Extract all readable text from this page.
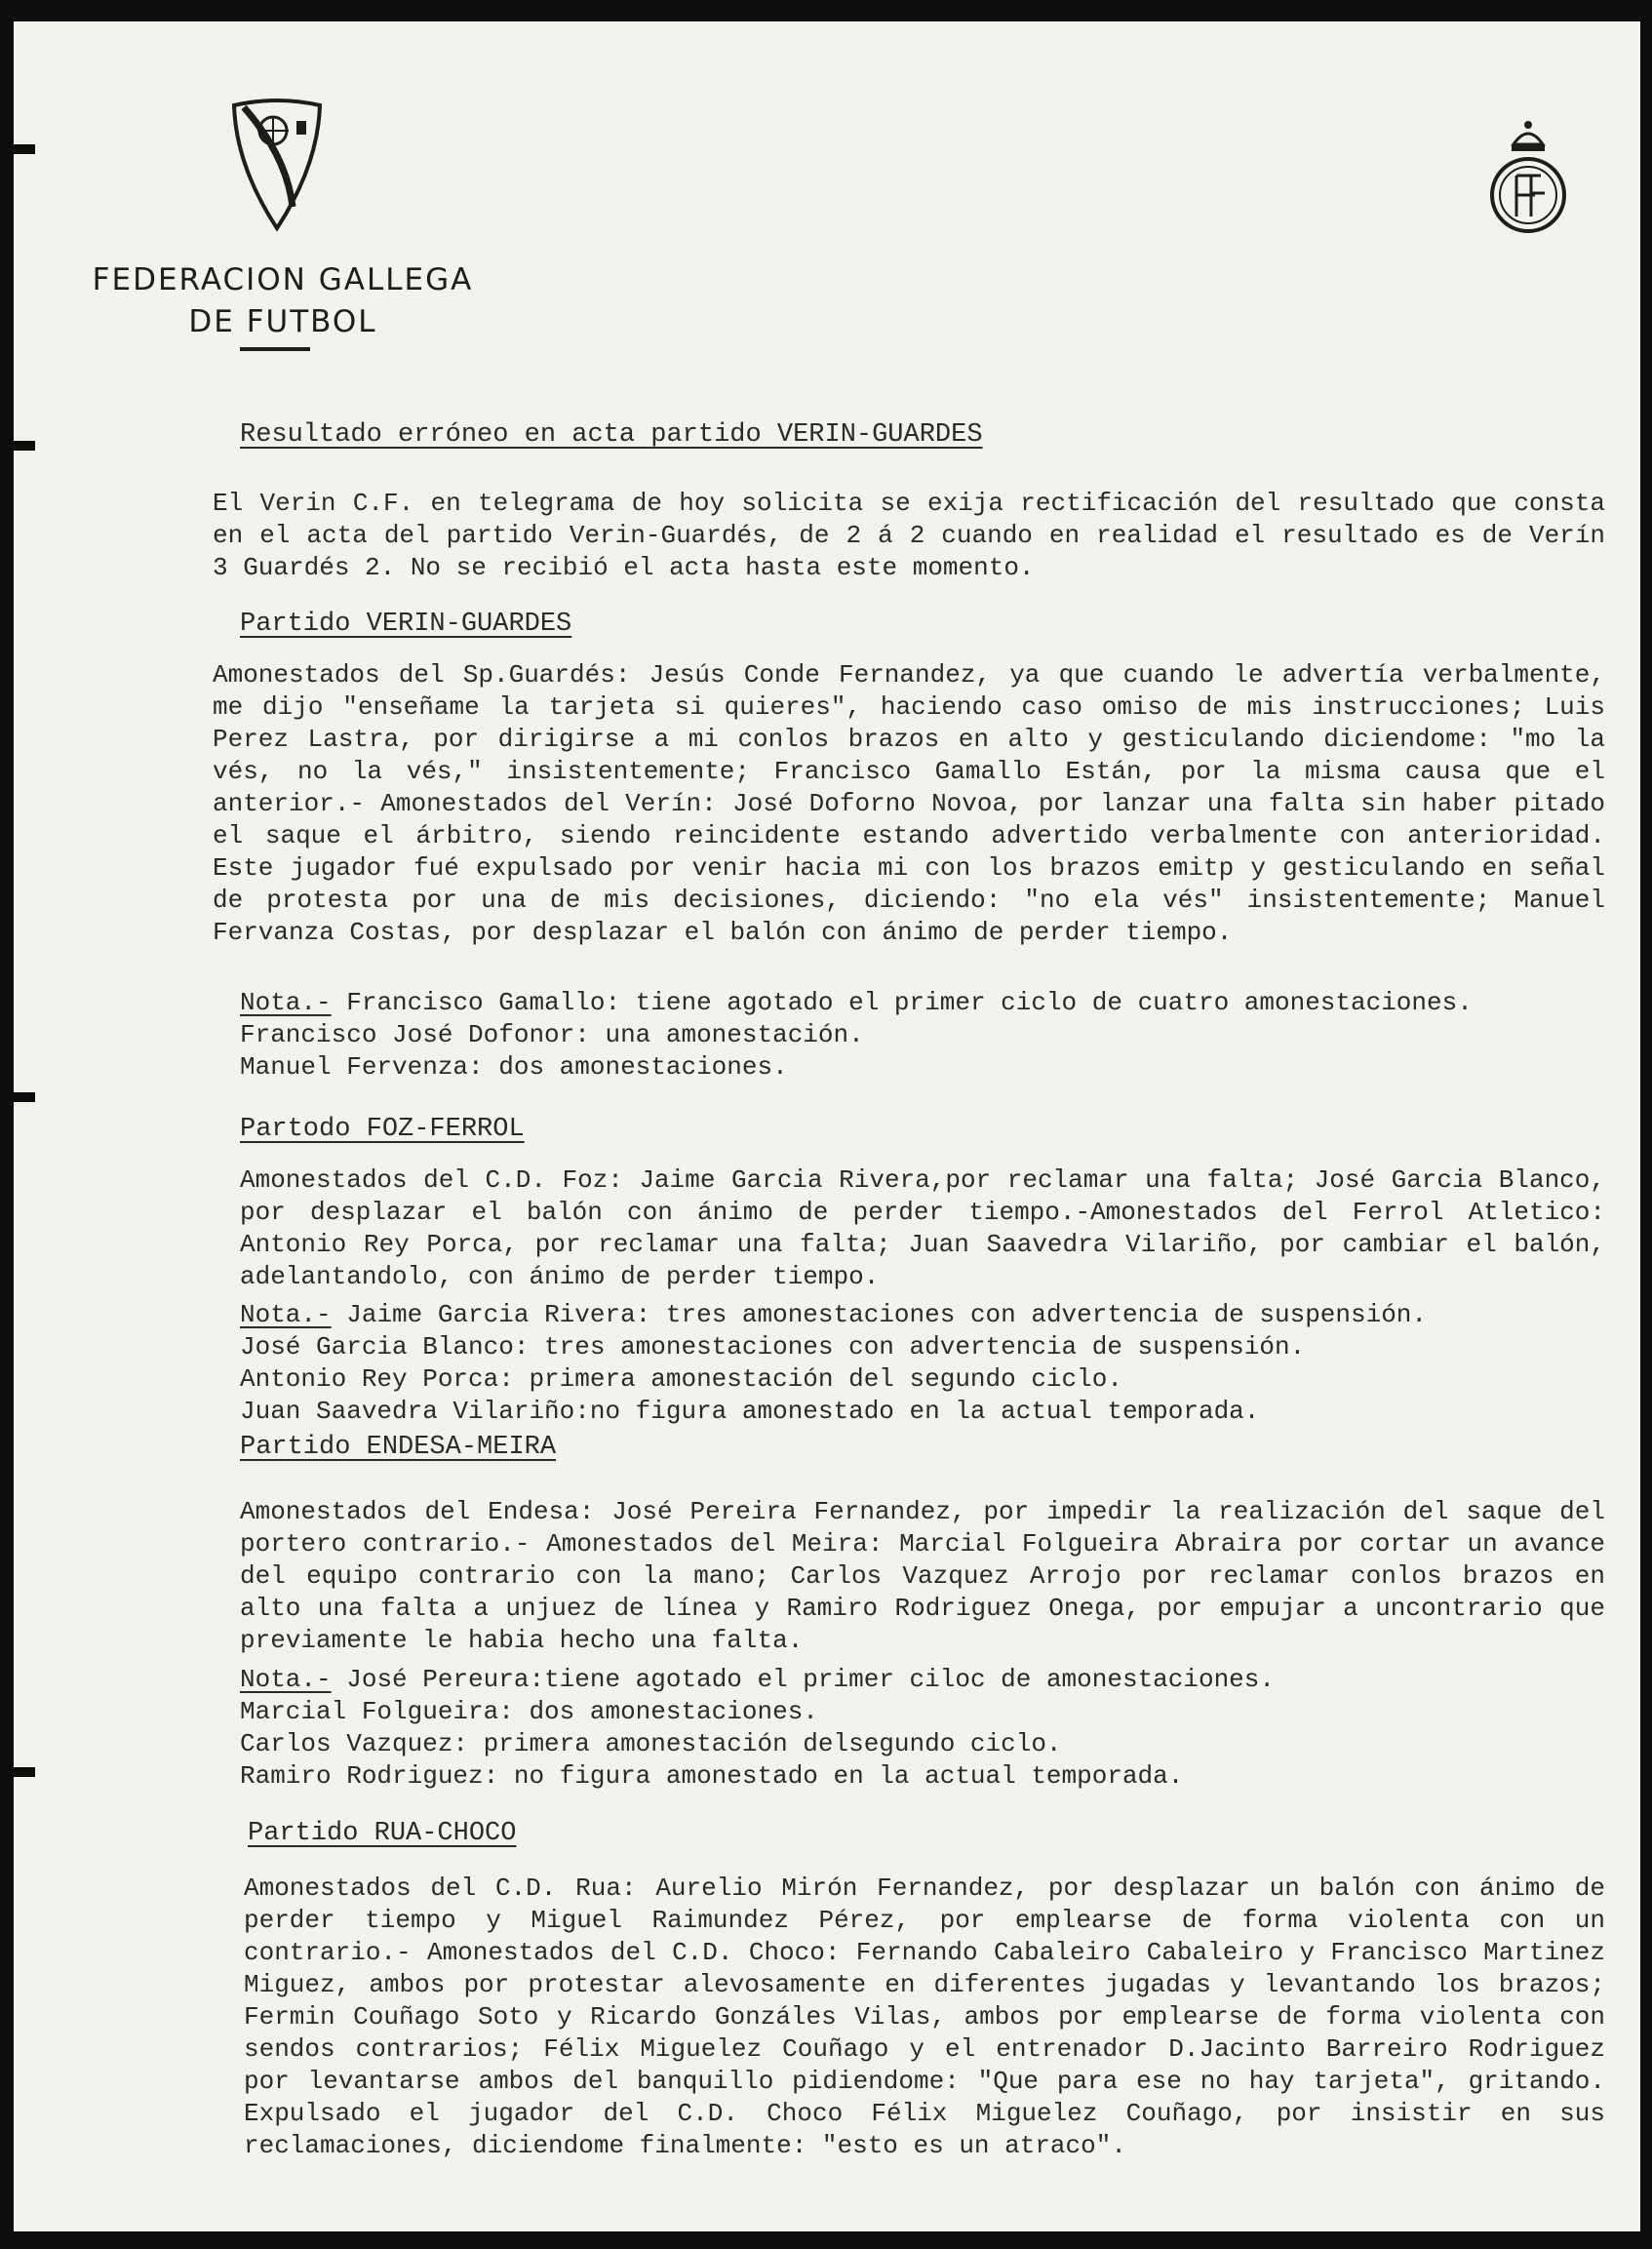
FEDERACION GALLEGA
DE FUTBOL
Resultado erróneo en acta partido VERIN-GUARDES
El Verin C.F. en telegrama de hoy solicita se exija rectificación del resultado que consta en el acta del partido Verin-Guardés, de 2 á 2 cuando en realidad el resultado es de Verín 3 Guardés 2. No se recibió el acta hasta este momento.
Partido VERIN-GUARDES
Amonestados del Sp.Guardés: Jesús Conde Fernandez, ya que cuando le advertía verbalmente, me dijo "enseñame la tarjeta si quieres", haciendo caso omiso de mis instrucciones; Luis Perez Lastra, por dirigirse a mi conlos brazos en alto y gesticulando diciendome: "mo la vés, no la vés," insistentemente; Francisco Gamallo Están, por la misma causa que el anterior.- Amonestados del Verín: José Doforno Novoa, por lanzar una falta sin haber pitado el saque el árbitro, siendo reincidente estando advertido verbalmente con anterioridad. Este jugador fué expulsado por venir hacia mi con los brazos emitp y gesticulando en señal de protesta por una de mis decisiones, diciendo: "no ela vés" insistentemente; Manuel Fervanza Costas, por desplazar el balón con ánimo de perder tiempo.
Nota.- Francisco Gamallo: tiene agotado el primer ciclo de cuatro amonestaciones.
Francisco José Dofonor: una amonestación.
Manuel Fervenza: dos amonestaciones.
Partodo FOZ-FERROL
Amonestados del C.D. Foz: Jaime Garcia Rivera,por reclamar una falta; José Garcia Blanco, por desplazar el balón con ánimo de perder tiempo.-Amonestados del Ferrol Atletico: Antonio Rey Porca, por reclamar una falta; Juan Saavedra Vilariño, por cambiar el balón, adelantandolo, con ánimo de perder tiempo.
Nota.- Jaime Garcia Rivera: tres amonestaciones con advertencia de suspensión.
José Garcia Blanco: tres amonestaciones con advertencia de suspensión.
Antonio Rey Porca: primera amonestación del segundo ciclo.
Juan Saavedra Vilariño:no figura amonestado en la actual temporada.
Partido ENDESA-MEIRA
Amonestados del Endesa: José Pereira Fernandez, por impedir la realización del saque del portero contrario.- Amonestados del Meira: Marcial Folgueira Abraira por cortar un avance del equipo contrario con la mano; Carlos Vazquez Arrojo por reclamar conlos brazos en alto una falta a unjuez de línea y Ramiro Rodriguez Onega, por empujar a uncontrario que previamente le habia hecho una falta.
Nota.- José Pereura:tiene agotado el primer ciloc de amonestaciones.
Marcial Folgueira: dos amonestaciones.
Carlos Vazquez: primera amonestación delsegundo ciclo.
Ramiro Rodriguez: no figura amonestado en la actual temporada.
Partido RUA-CHOCO
Amonestados del C.D. Rua: Aurelio Mirón Fernandez, por desplazar un balón con ánimo de perder tiempo y Miguel Raimundez Pérez, por emplearse de forma violenta con un contrario.- Amonestados del C.D. Choco: Fernando Cabaleiro Cabaleiro y Francisco Martinez Miguez, ambos por protestar alevosamente en diferentes jugadas y levantando los brazos; Fermin Couñago Soto y Ricardo Gonzáles Vilas, ambos por emplearse de forma violenta con sendos contrarios; Félix Miguelez Couñago y el entrenador D.Jacinto Barreiro Rodriguez por levantarse ambos del banquillo pidiendome: "Que para ese no hay tarjeta", gritando. Expulsado el jugador del C.D. Choco Félix Miguelez Couñago, por insistir en sus reclamaciones, diciendome finalmente: "esto es un atraco".
